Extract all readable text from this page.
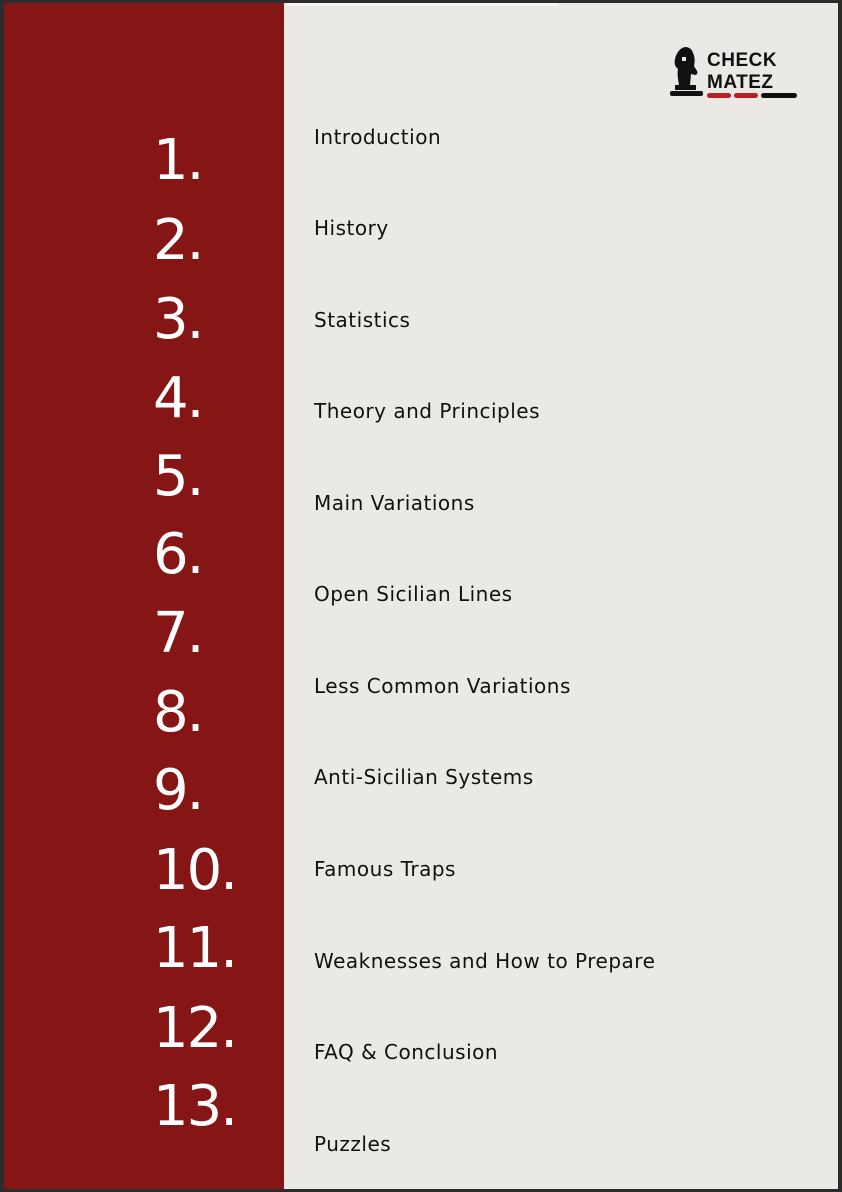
1.
2.
3.
4.
5.
6.
7.
8.
9.
10.
11.
12.
13.
CHECK
MATEZ
Introduction
History
Statistics
Theory and Principles
Main Variations
Open Sicilian Lines
Less Common Variations
Anti-Sicilian Systems
Famous Traps
Weaknesses and How to Prepare
FAQ & Conclusion
Puzzles
